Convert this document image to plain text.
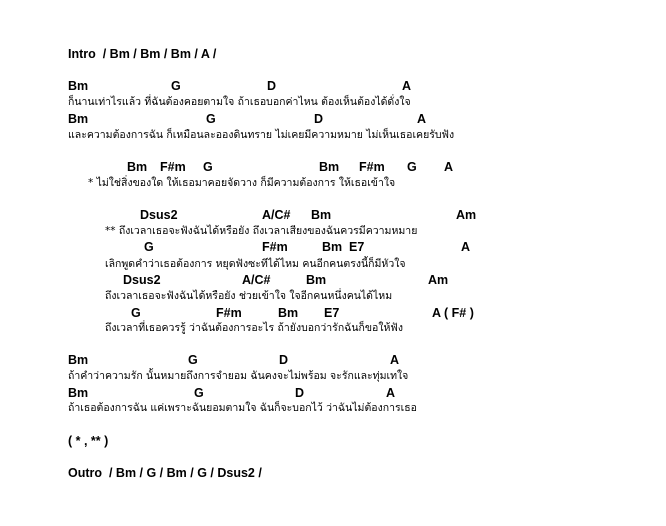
Intro / Bm / Bm / Bm / A /
Bm	G	D	A
ก็นานเท่าไรแล้ว ที่ฉันต้องคอยตามใจ ถ้าเธอบอกค่าไหน ต้องเห็นต้องได้ดั่งใจ
Bm	G	D	A
และความต้องการฉัน ก็เหมือนละอองดินทราย ไม่เคยมีความหมาย ไม่เห็นเธอเคยรับฟัง
Bm F#m G	Bm F#m G A
* ไม่ใช่สิ่งของใด ให้เธอมาคอยจัดวาง ก็มีความต้องการ ให้เธอเข้าใจ
Dsus2	A/C# Bm	Am
** ถึงเวลาเธอจะฟังฉันได้หรือยัง ถึงเวลาเสียงของฉันควรมีความหมาย
G	F#m	Bm E7	A
เลิกพูดคำว่าเธอต้องการ หยุดฟังซะทีได้ไหม คนอีกคนตรงนี้ก็มีหัวใจ
Dsus2	A/C#	Bm	Am
ถึงเวลาเธอจะฟังฉันได้หรือยัง ช่วยเข้าใจ ใจอีกคนหนึ่งคนได้ไหม
G	F#m	Bm E7	A ( F# )
ถึงเวลาที่เธอควรรู้ ว่าฉันต้องการอะไร ถ้ายังบอกว่ารักฉันก็ขอให้ฟัง
Bm	G	D	A
ถ้าคำว่าความรัก นั้นหมายถึงการจำยอม ฉันคงจะไม่พร้อม จะรักและทุ่มเทใจ
Bm	G	D	A
ถ้าเธอต้องการฉัน แค่เพราะฉันยอมตามใจ ฉันก็จะบอกไว้ ว่าฉันไม่ต้องการเธอ
( * , ** )
Outro / Bm / G / Bm / G / Dsus2 /
